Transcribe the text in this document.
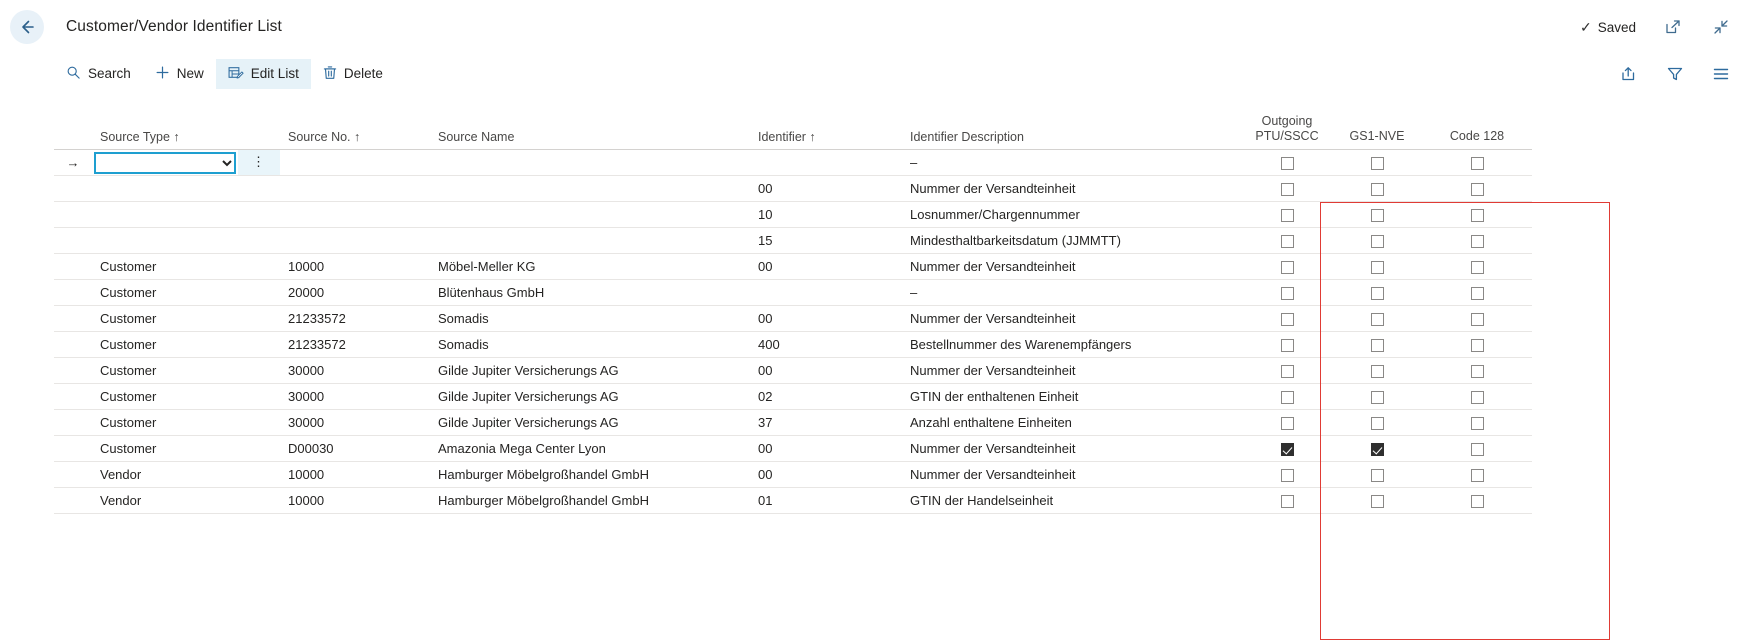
Customer/Vendor Identifier List	✓ Saved
Search	New	Edit List	Delete
	Source Type ↑		Source No. ↑	Source Name	Identifier ↑	Identifier Description	Outgoing
PTU/SSCC	GS1-NVE	Code 128

→		⋮				–			
					00	Nummer der Versandteinheit			
					10	Losnummer/Chargennummer			
					15	Mindesthaltbarkeitsdatum (JJMMTT)			
	Customer		10000	Möbel-Meller KG	00	Nummer der Versandteinheit			
	Customer		20000	Blütenhaus GmbH		–			
	Customer		21233572	Somadis	00	Nummer der Versandteinheit			
	Customer		21233572	Somadis	400	Bestellnummer des Warenempfängers			
	Customer		30000	Gilde Jupiter Versicherungs AG	00	Nummer der Versandteinheit			
	Customer		30000	Gilde Jupiter Versicherungs AG	02	GTIN der enthaltenen Einheit			
	Customer		30000	Gilde Jupiter Versicherungs AG	37	Anzahl enthaltene Einheiten			
	Customer		D00030	Amazonia Mega Center Lyon	00	Nummer der Versandteinheit			
	Vendor		10000	Hamburger Möbelgroßhandel GmbH	00	Nummer der Versandteinheit			
	Vendor		10000	Hamburger Möbelgroßhandel GmbH	01	GTIN der Handelseinheit			
